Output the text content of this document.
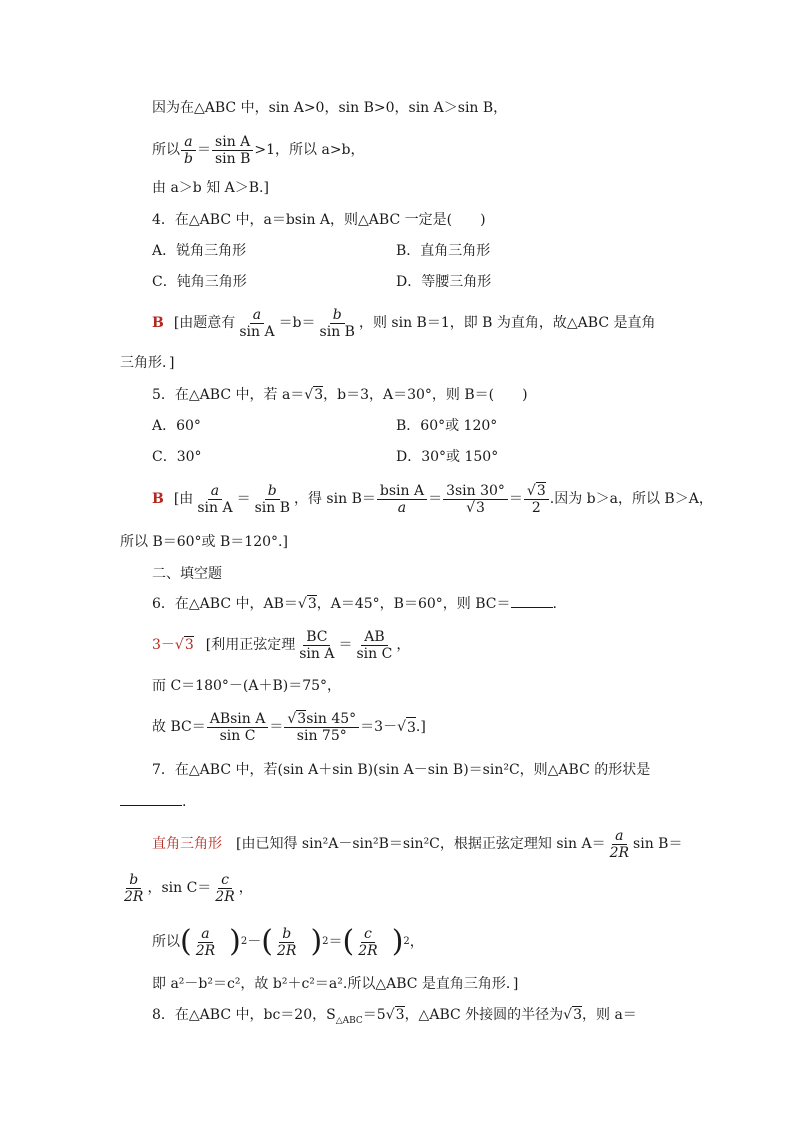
因为在△ABC 中，sin A>0，sin B>0，sin A＞sin B，
所以 $\frac{a}{b} = \frac{\text{sin A}}{\text{sin B}} >1$，所以 a>b，
由 a＞b 知 A＞B.]
4．在△ABC 中，a＝bsin A，则△ABC 一定是(　　)
A．锐角三角形	B．直角三角形
C．钝角三角形	D．等腰三角形
B [由题意有 $\frac{a}{\text{sin A}} =b= \frac{b}{\text{sin B}}$ ，则 sin B＝1，即 B 为直角，故△ABC 是直角
三角形．]
5．在△ABC 中，若 a＝√3，b＝3，A＝30°，则 B＝(　　)
A．60°	B．60°或 120°
C．30°	D．30°或 150°
B [由 $\frac{a}{\text{sin A}} = \frac{b}{\text{sin B}}$ ，得 $\sin B= \frac{\text{bsin A}}{a} = \frac{3\sin 30^\circ}{√3} = \frac{√3}{2}$ .因为 b＞a，所以 B＞A，
所以 B＝60°或 B＝120°.]
二、填空题
6．在△ABC 中，AB＝√3，A＝45°，B＝60°，则 BC＝	.
3－√3 [利用正弦定理 $\frac{BC}{\text{sin A}} = \frac{AB}{\text{sin C}}$ ，
而 C＝180°－(A＋B)＝75°，
故 $BC= \frac{\text{ABsin A}}{\text{sin C}} = \frac{√3\sin 45^\circ}{\sin 75^\circ} =3-$ √ 3 .]
7．在△ABC 中，若(sin A＋sin B)(sin A－sin B)＝sin²C，则△ABC 的形状是
.
直角三角形 [由已知得 sin²A－sin²B＝sin²C，根据正弦定理知 $\sin A= \frac{a}{2R}$ sin B＝
$\frac{b}{2R}$ ，$\sin C= \frac{c}{2R}$ ，
所以 ( $\frac{a}{2R}$ ) 2 － ( $\frac{b}{2R}$ ) 2 ＝ ( $\frac{c}{2R}$ ) 2 ，
即 a²－b²＝c²，故 b²＋c²＝a².所以△ABC 是直角三角形．]
8．在△ABC 中，bc＝20，$S_{\triangle ABC}=5√3$，△ABC 外接圆的半径为√3，则 a＝
